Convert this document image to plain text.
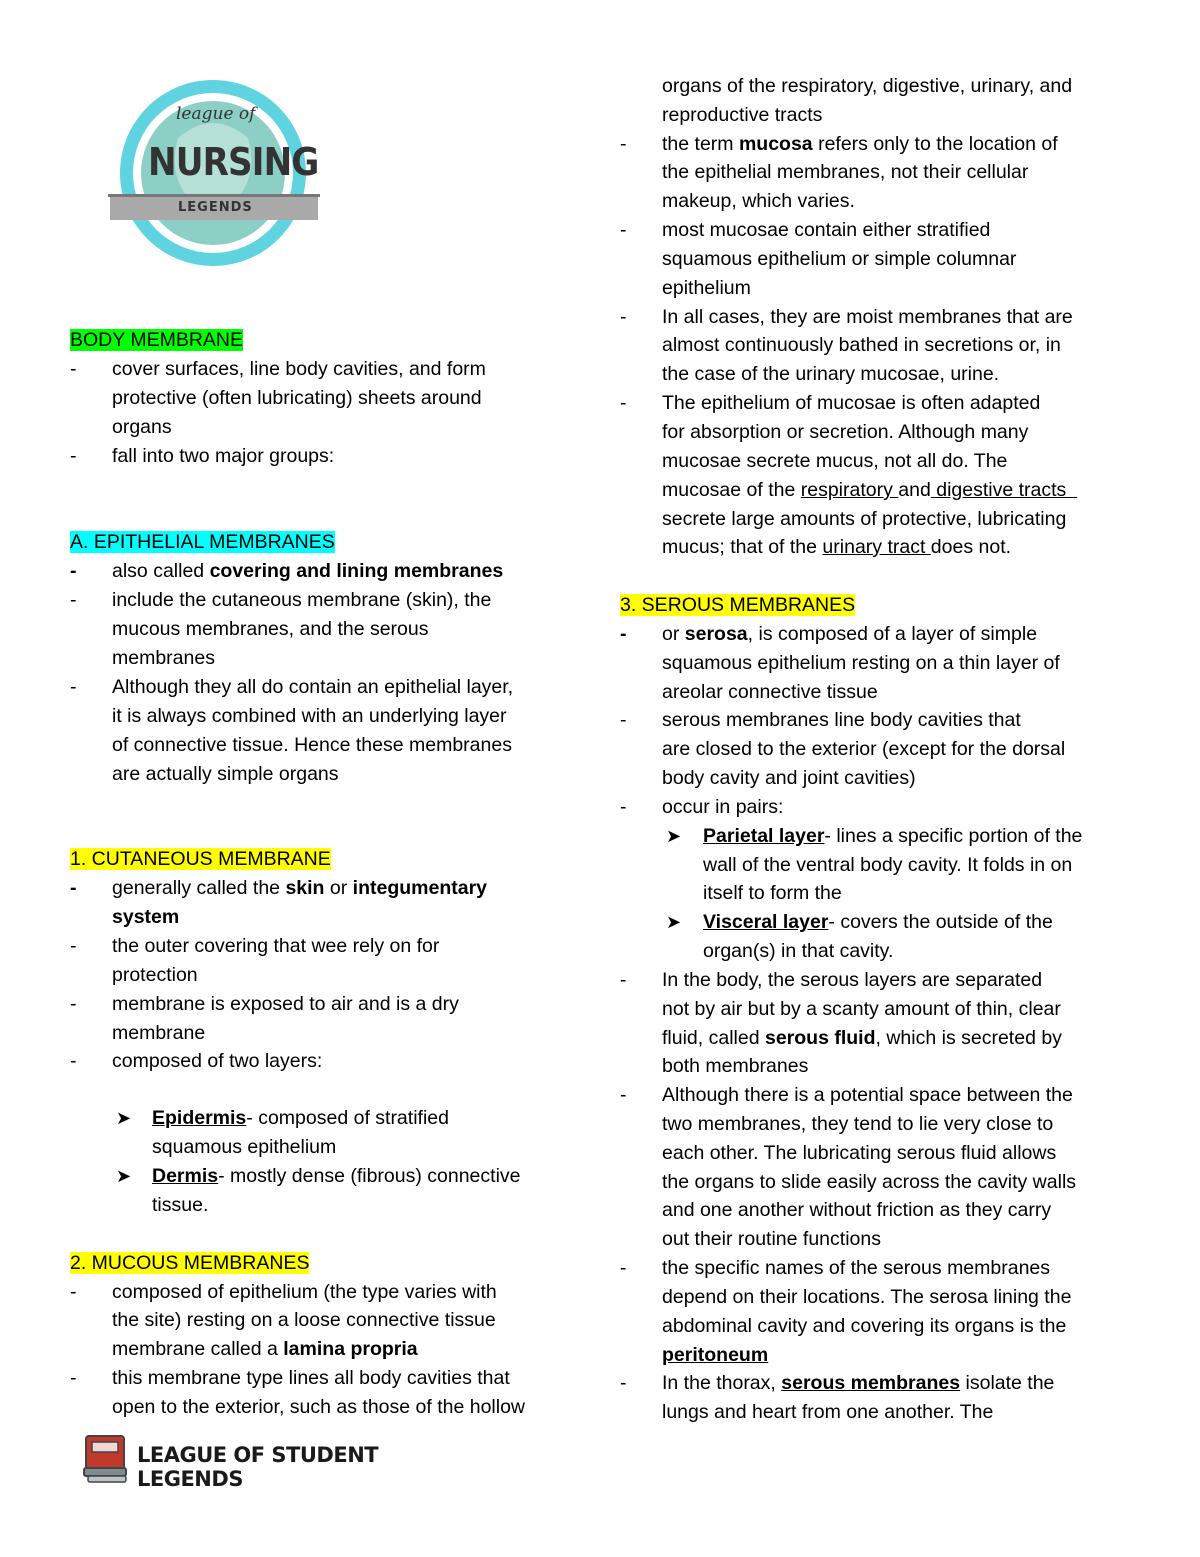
league of
NURSING
LEGENDS
BODY MEMBRANE
- cover surfaces, line body cavities, and form
protective (often lubricating) sheets around
organs
- fall into two major groups:
A. EPITHELIAL MEMBRANES
- also called covering and lining membranes
- include the cutaneous membrane (skin), the
mucous membranes, and the serous
membranes
- Although they all do contain an epithelial layer,
it is always combined with an underlying layer
of connective tissue. Hence these membranes
are actually simple organs
1. CUTANEOUS MEMBRANE
- generally called the skin or integumentary
system
- the outer covering that wee rely on for
protection
- membrane is exposed to air and is a dry
membrane
- composed of two layers:
➤ Epidermis- composed of stratified
squamous epithelium
➤ Dermis- mostly dense (fibrous) connective
tissue.
2. MUCOUS MEMBRANES
- composed of epithelium (the type varies with
the site) resting on a loose connective tissue
membrane called a lamina propria
- this membrane type lines all body cavities that
open to the exterior, such as those of the hollow
organs of the respiratory, digestive, urinary, and
reproductive tracts
- the term mucosa refers only to the location of
the epithelial membranes, not their cellular
makeup, which varies.
- most mucosae contain either stratified
squamous epithelium or simple columnar
epithelium
- In all cases, they are moist membranes that are
almost continuously bathed in secretions or, in
the case of the urinary mucosae, urine.
- The epithelium of mucosae is often adapted
for absorption or secretion. Although many
mucosae secrete mucus, not all do. The
mucosae of the respiratory and digestive tracts
secrete large amounts of protective, lubricating
mucus; that of the urinary tract does not.
3. SEROUS MEMBRANES
- or serosa, is composed of a layer of simple
squamous epithelium resting on a thin layer of
areolar connective tissue
- serous membranes line body cavities that
are closed to the exterior (except for the dorsal
body cavity and joint cavities)
- occur in pairs:
➤ Parietal layer- lines a specific portion of the
wall of the ventral body cavity. It folds in on
itself to form the
➤ Visceral layer- covers the outside of the
organ(s) in that cavity.
- In the body, the serous layers are separated
not by air but by a scanty amount of thin, clear
fluid, called serous fluid, which is secreted by
both membranes
- Although there is a potential space between the
two membranes, they tend to lie very close to
each other. The lubricating serous fluid allows
the organs to slide easily across the cavity walls
and one another without friction as they carry
out their routine functions
- the specific names of the serous membranes
depend on their locations. The serosa lining the
abdominal cavity and covering its organs is the
peritoneum
- In the thorax, serous membranes isolate the
lungs and heart from one another. The
LEAGUE OF STUDENT LEGENDS
